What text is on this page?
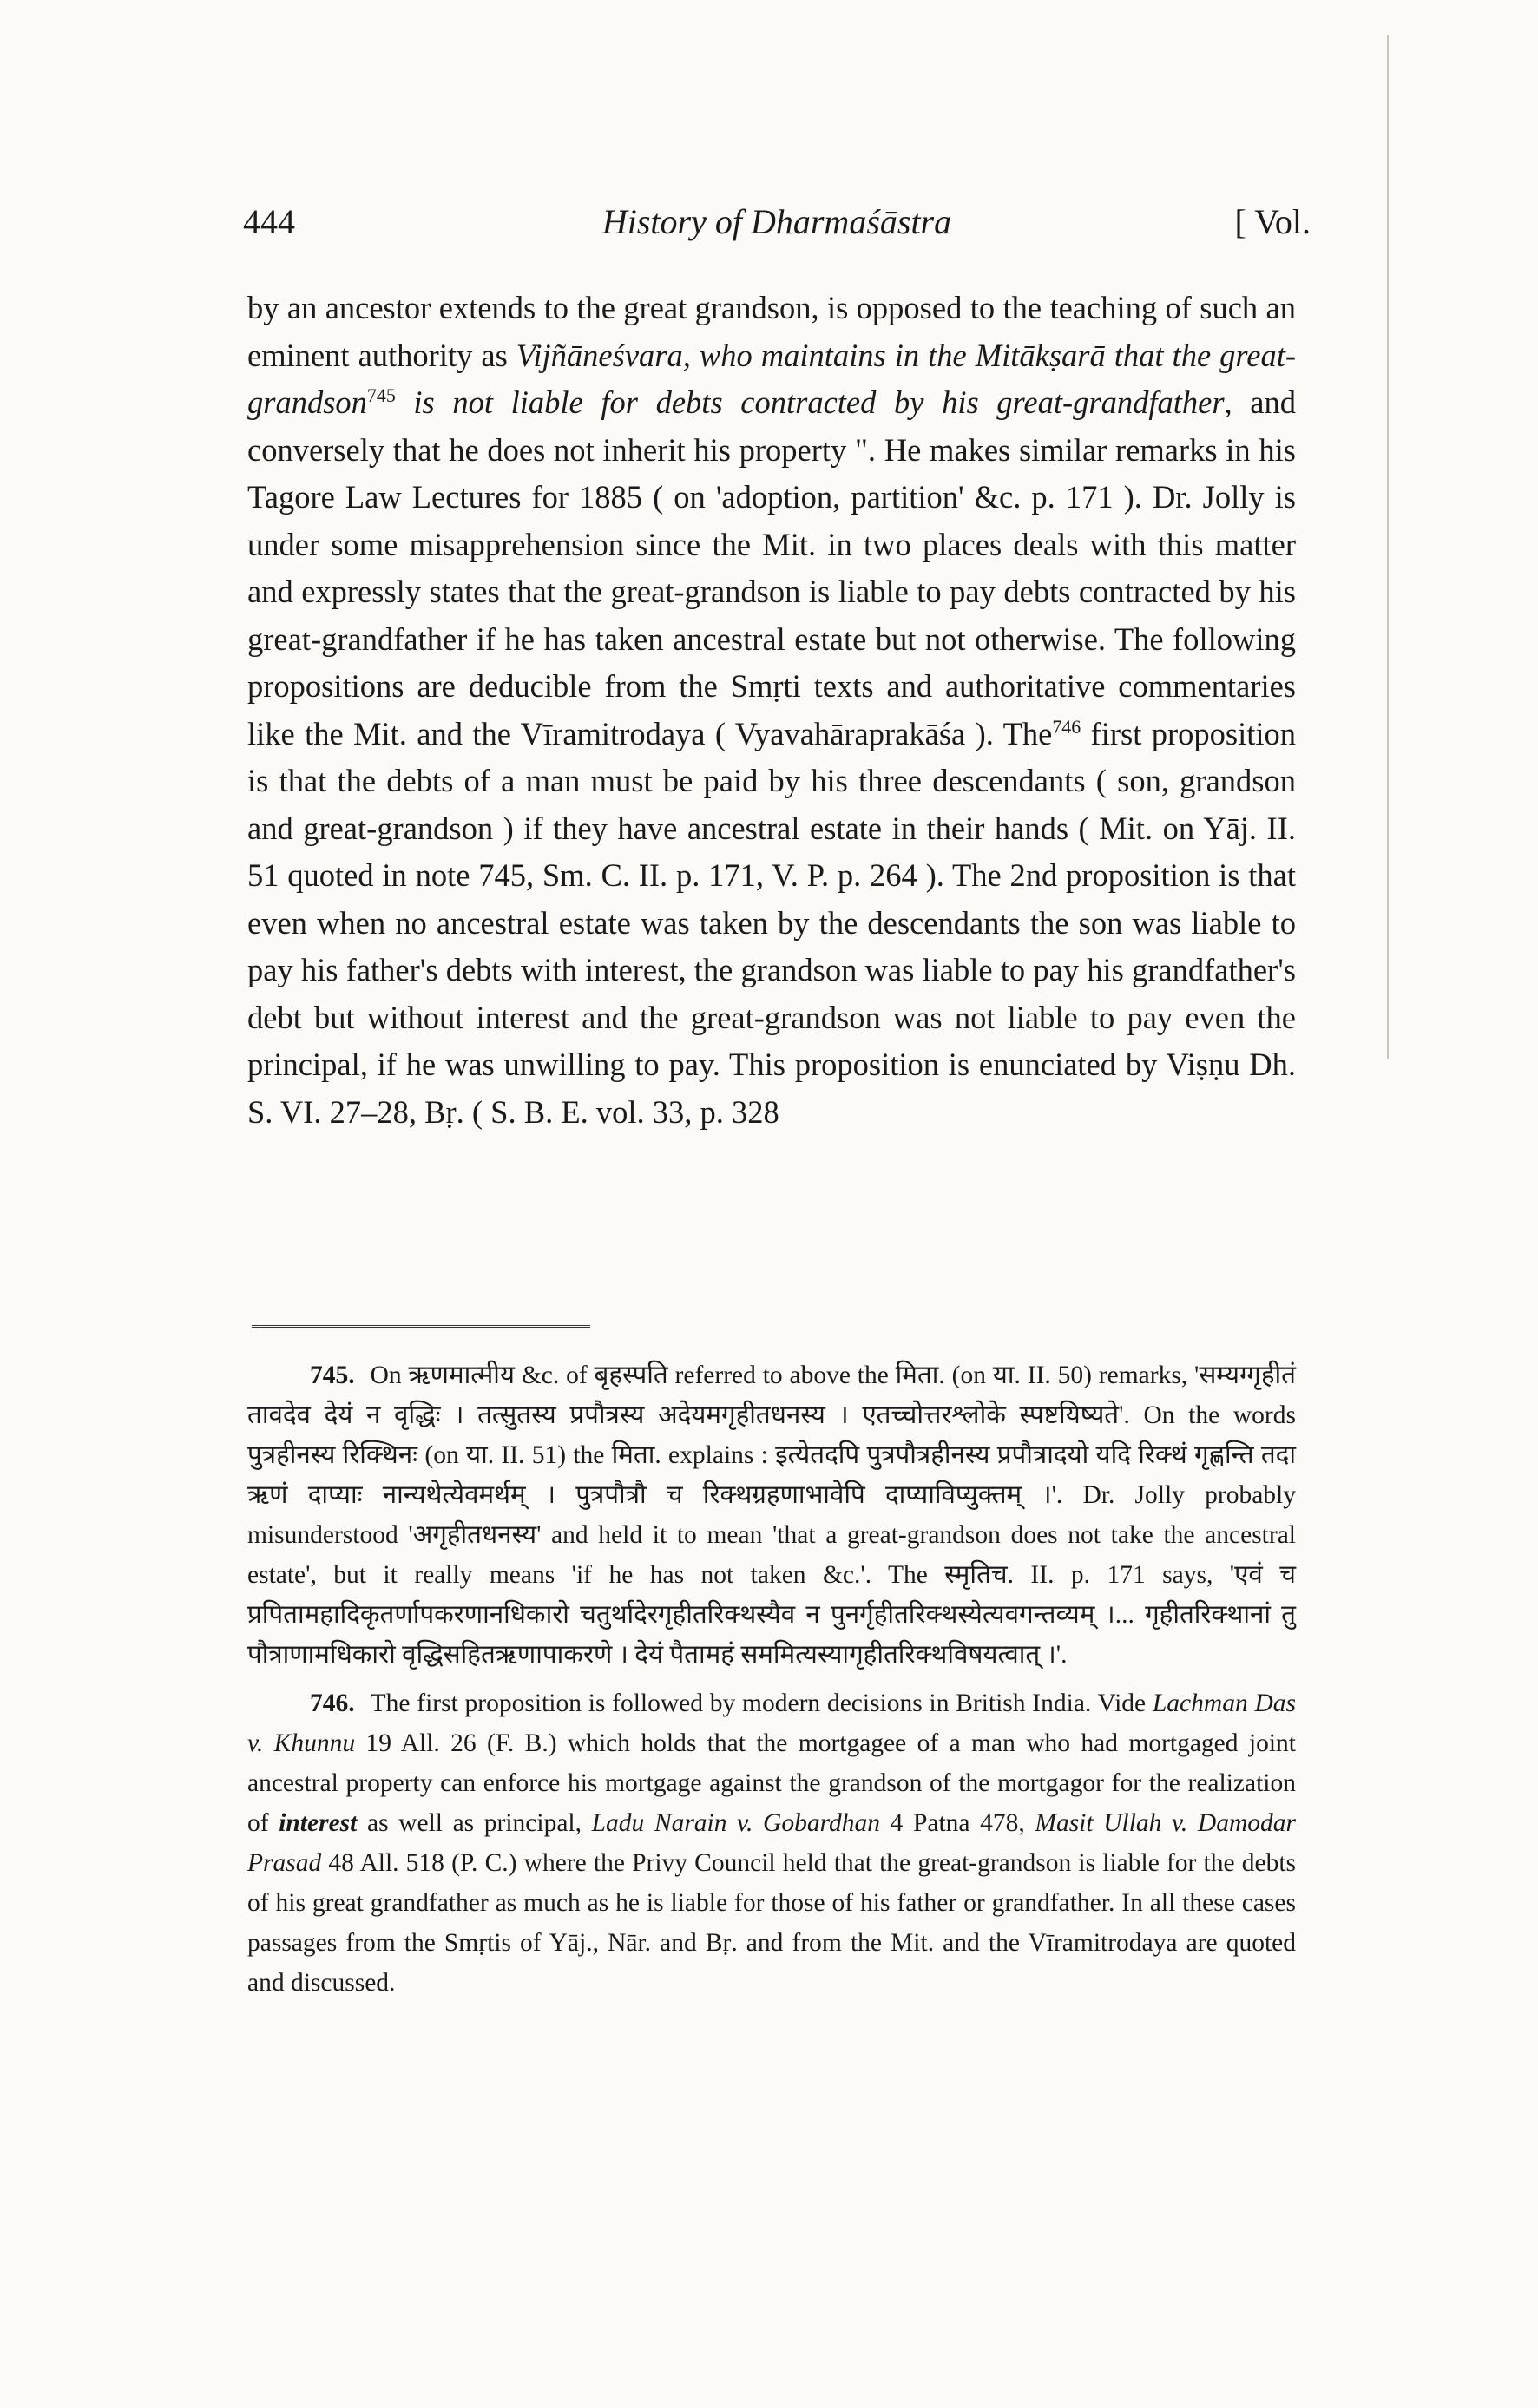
444	History of Dharmaśāstra	[ Vol.

by an ancestor extends to the great grandson, is opposed to the teaching of such an eminent authority as Vijñāneśvara, who maintains in the Mitākṣarā that the great-grandson$^{745}$ is not liable for debts contracted by his great-grandfather, and conversely that he does not inherit his property ". He makes similar remarks in his Tagore Law Lectures for 1885 ( on 'adoption, partition' &c. p. 171 ). Dr. Jolly is under some misapprehension since the Mit. in two places deals with this matter and expressly states that the great-grandson is liable to pay debts contracted by his great-grandfather if he has taken ancestral estate but not otherwise. The following propositions are deducible from the Smṛti texts and authoritative commentaries like the Mit. and the Vīramitrodaya ( Vyavahāraprakāśa ). The$^{746}$ first proposition is that the debts of a man must be paid by his three descendants ( son, grandson and great-grandson ) if they have ancestral estate in their hands ( Mit. on Yāj. II. 51 quoted in note 745, Sm. C. II. p. 171, V. P. p. 264 ). The 2nd proposition is that even when no ancestral estate was taken by the descendants the son was liable to pay his father's debts with interest, the grandson was liable to pay his grandfather's debt but without interest and the great-grandson was not liable to pay even the principal, if he was unwilling to pay. This proposition is enunciated by Viṣṇu Dh. S. VI. 27–28, Bṛ. ( S. B. E. vol. 33, p. 328

745. On ऋणमात्मीय &c. of बृहस्पति referred to above the मिता. (on या. II. 50) remarks, 'सम्यग्गृहीतं तावदेव देयं न वृद्धिः । तत्सुतस्य प्रपौत्रस्य अदेयमगृहीतधनस्य । एतच्चोत्तरश्लोके स्पष्टयिष्यते'. On the words पुत्रहीनस्य रिक्थिनः (on या. II. 51) the मिता. explains : इत्येतदपि पुत्रपौत्रहीनस्य प्रपौत्रादयो यदि रिक्थं गृह्णन्ति तदा ऋणं दाप्याः नान्यथेत्येवमर्थम् । पुत्रपौत्रौ च रिक्थग्रहणाभावेपि दाप्याविप्युक्तम् ।'. Dr. Jolly probably misunderstood 'अगृहीतधनस्य' and held it to mean 'that a great-grandson does not take the ancestral estate', but it really means 'if he has not taken &c.'. The स्मृतिच. II. p. 171 says, 'एवं च प्रपितामहादिकृतर्णापकरणानधिकारो चतुर्थादेरगृहीतरिक्थस्यैव न पुनर्गृहीतरिक्थस्येत्यवगन्तव्यम् ।... गृहीतरिक्थानां तु पौत्राणामधिकारो वृद्धिसहितऋणापाकरणे । देयं पैतामहं सममित्यस्यागृहीतरिक्थविषयत्वात् ।'.

746. The first proposition is followed by modern decisions in British India. Vide Lachman Das v. Khunnu 19 All. 26 (F. B.) which holds that the mortgagee of a man who had mortgaged joint ancestral property can enforce his mortgage against the grandson of the mortgagor for the realization of interest as well as principal, Ladu Narain v. Gobardhan 4 Patna 478, Masit Ullah v. Damodar Prasad 48 All. 518 (P. C.) where the Privy Council held that the great-grandson is liable for the debts of his great grandfather as much as he is liable for those of his father or grandfather. In all these cases passages from the Smṛtis of Yāj., Nār. and Bṛ. and from the Mit. and the Vīramitrodaya are quoted and discussed.
